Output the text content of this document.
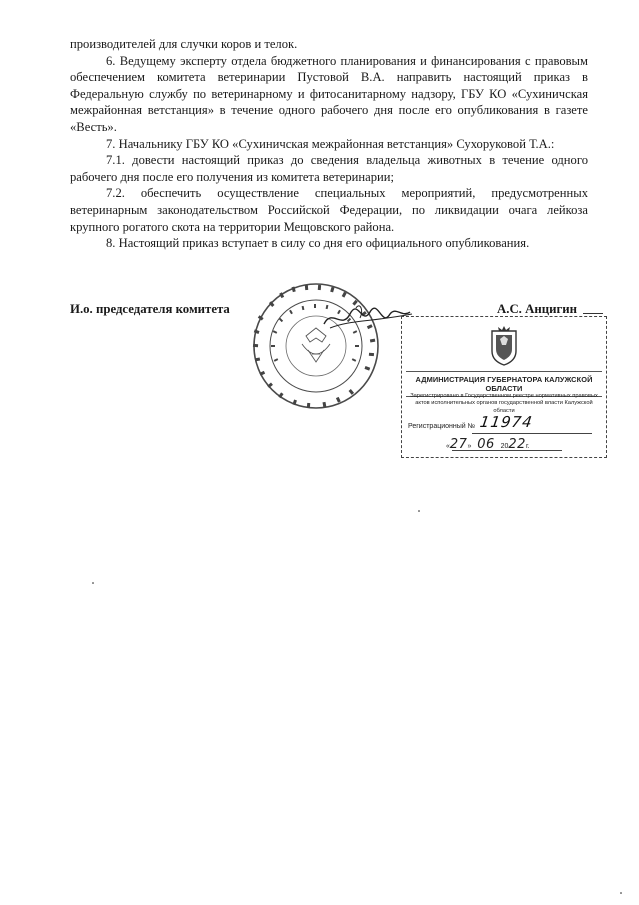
производителей для случки коров и телок.

6. Ведущему эксперту отдела бюджетного планирования и финансирования с правовым обеспечением комитета ветеринарии Пустовой В.А. направить настоящий приказ в Федеральную службу по ветеринарному и фитосанитарному надзору, ГБУ КО «Сухиничская межрайонная ветстанция» в течение одного рабочего дня после его опубликования в газете «Весть».

7. Начальнику ГБУ КО «Сухиничская межрайонная ветстанция» Сухоруковой Т.А.:

7.1. довести настоящий приказ до сведения владельца животных в течение одного рабочего дня после его получения из комитета ветеринарии;

7.2. обеспечить осуществление специальных мероприятий, предусмотренных ветеринарным законодательством Российской Федерации, по ликвидации очага лейкоза крупного рогатого скота на территории Мещовского района.

8. Настоящий приказ вступает в силу со дня его официального опубликования.

И.о. председателя комитета	А.С. Анцигин
АДМИНИСТРАЦИЯ ГУБЕРНАТОРА КАЛУЖСКОЙ ОБЛАСТИ
Зарегистрировано в Государственном реестре нормативных правовых актов исполнительных органов государственной власти Калужской области
Регистрационный № 11974
«27» 06 2022г.
